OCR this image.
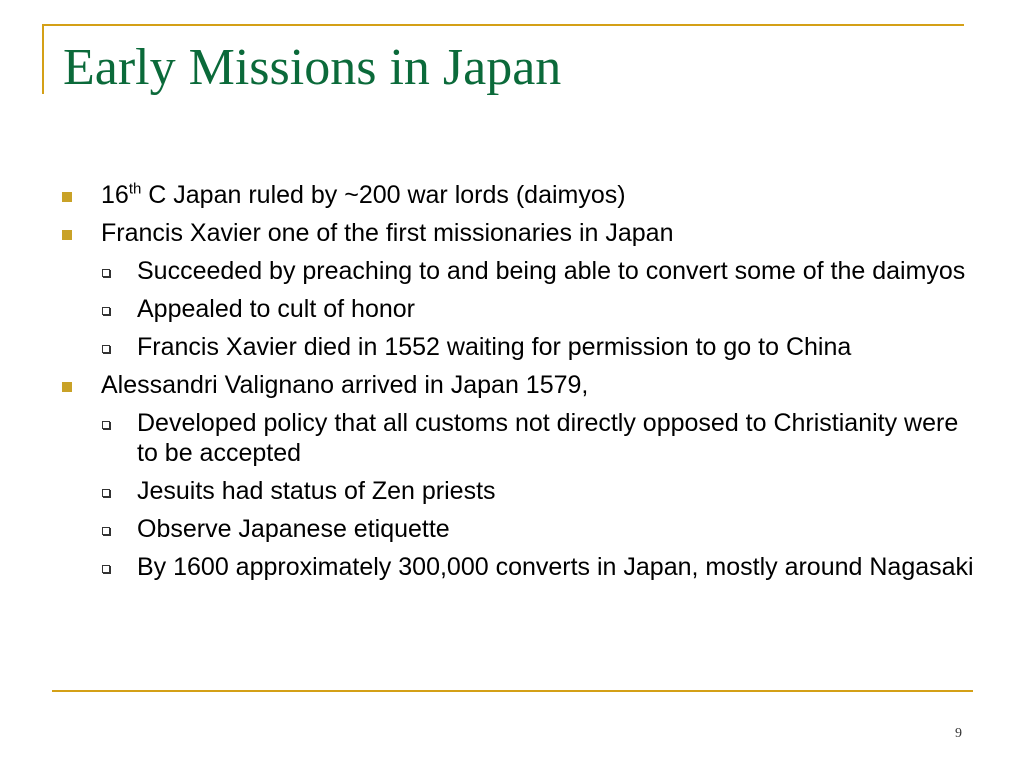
Early Missions in Japan
16th C Japan ruled by ~200 war lords (daimyos)
Francis Xavier one of the first missionaries in Japan
Succeeded by preaching to and being able to convert some of the daimyos
Appealed to cult of honor
Francis Xavier died in 1552 waiting for permission to go to China
Alessandri Valignano arrived in Japan 1579,
Developed policy that all customs not directly opposed to Christianity were to be accepted
Jesuits had status of Zen priests
Observe Japanese etiquette
By 1600 approximately 300,000 converts in Japan, mostly around Nagasaki
9
